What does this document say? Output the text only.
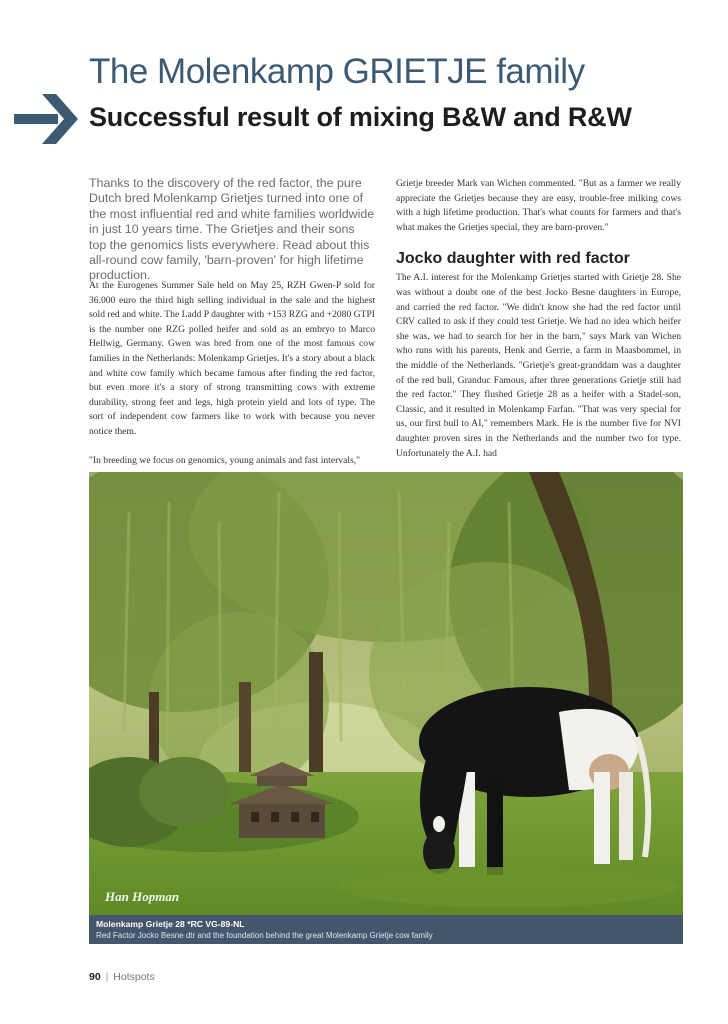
The Molenkamp GRIETJE family
Successful result of mixing B&W and R&W

Thanks to the discovery of the red factor, the pure Dutch bred Molenkamp Grietjes turned into one of the most influential red and white families worldwide in just 10 years time. The Grietjes and their sons top the genomics lists everywhere. Read about this all-round cow family, 'barn-proven' for high lifetime production.

At the Eurogenes Summer Sale held on May 25, RZH Gwen-P sold for 36.000 euro the third high selling individual in the sale and the highest sold red and white. The Ladd P daughter with +153 RZG and +2080 GTPI is the number one RZG polled heifer and sold as an embryo to Marco Hellwig, Germany. Gwen was bred from one of the most famous cow families in the Netherlands: Molenkamp Grietjes. It's a story about a black and white cow family which became famous after finding the red factor, but even more it's a story of strong transmitting cows with extreme durability, strong feet and legs, high protein yield and lots of type. The sort of independent cow farmers like to work with because you never notice them.

"In breeding we focus on genomics, young animals and fast intervals,"

Grietje breeder Mark van Wichen commented. "But as a farmer we really appreciate the Grietjes because they are easy, trouble-free milking cows with a high lifetime production. That's what counts for farmers and that's what makes the Grietjes special, they are barn-proven."

Jocko daughter with red factor

The A.I. interest for the Molenkamp Grietjes started with Grietje 28. She was without a doubt one of the best Jocko Besne daughters in Europe, and carried the red factor. "We didn't know she had the red factor until CRV called to ask if they could test Grietje. We had no idea which heifer she was, we had to search for her in the barn," says Mark van Wichen who runs with his parents, Henk and Gerrie, a farm in Maasbommel, in the middle of the Netherlands. "Grietje's great-granddam was a daughter of the red bull, Granduc Famous, after three generations Grietje still had the red factor." They flushed Grietje 28 as a heifer with a Stadel-son, Classic, and it resulted in Molenkamp Farfan. "That was very special for us, our first bull to AI," remembers Mark. He is the number five for NVI daughter proven sires in the Netherlands and the number two for type. Unfortunately the A.I. had

Han Hopman
Molenkamp Grietje 28 *RC VG-89-NL
Red Factor Jocko Besne dtr and the foundation behind the great Molenkamp Grietje cow family
90 | Hotspots
